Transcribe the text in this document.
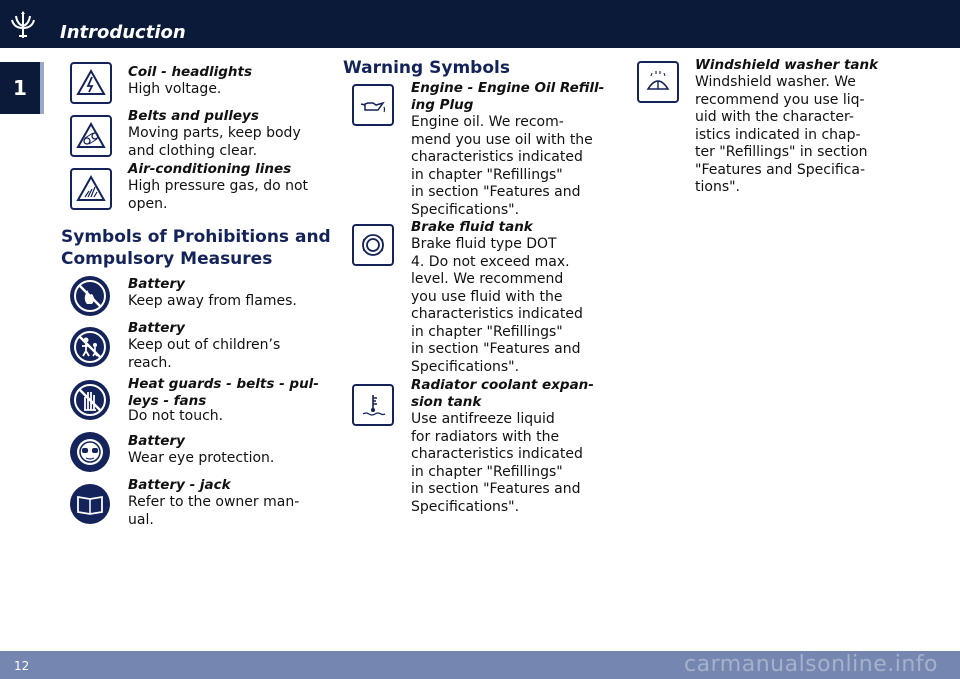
Introduction
1
Coil - headlights
High voltage.
Belts and pulleys
Moving parts, keep body
and clothing clear.
Air-conditioning lines
High pressure gas, do not
open.
Symbols of Prohibitions and
Compulsory Measures
Battery
Keep away from flames.
Battery
Keep out of children’s
reach.
Heat guards - belts - pul-
leys - fans
Do not touch.
Battery
Wear eye protection.
Battery - jack
Refer to the owner man-
ual.
Warning Symbols
Engine - Engine Oil Refill-
ing Plug
Engine oil. We recom-
mend you use oil with the
characteristics indicated
in chapter "Refillings"
in section "Features and
Specifications".
Brake fluid tank
Brake fluid type DOT
4. Do not exceed max.
level. We recommend
you use fluid with the
characteristics indicated
in chapter "Refillings"
in section "Features and
Specifications".
Radiator coolant expan-
sion tank
Use antifreeze liquid
for radiators with the
characteristics indicated
in chapter "Refillings"
in section "Features and
Specifications".
Windshield washer tank
Windshield washer. We
recommend you use liq-
uid with the character-
istics indicated in chap-
ter "Refillings" in section
"Features and Specifica-
tions".
12	carmanualsonline.info
